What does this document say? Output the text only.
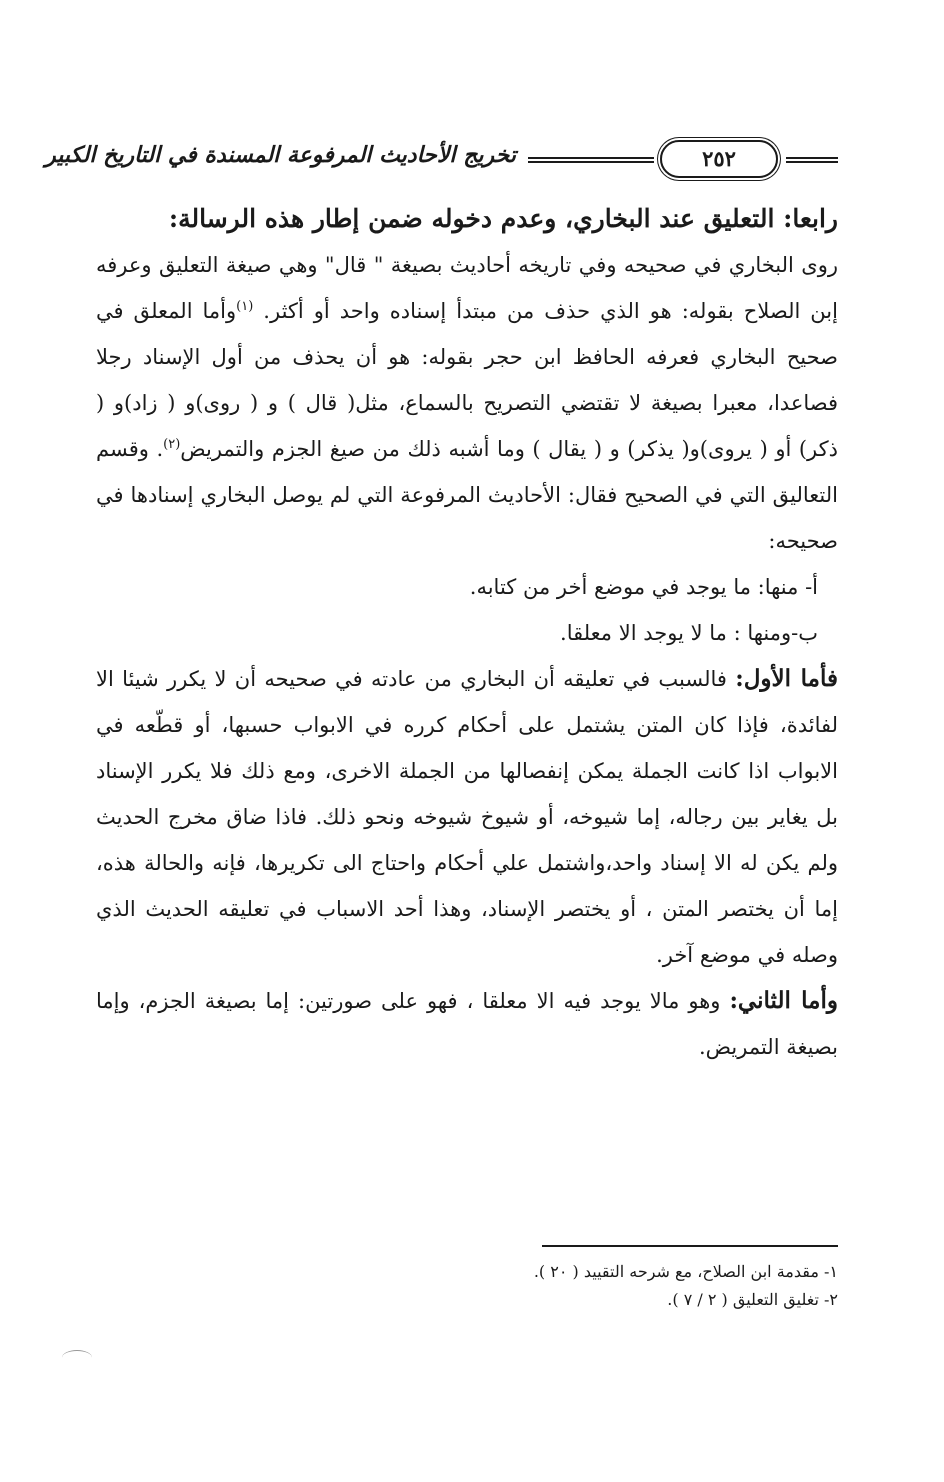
تخريج الأحاديث المرفوعة المسندة في التاريخ الكبير	٢٥٢

رابعا: التعليق عند البخاري، وعدم دخوله ضمن إطار هذه الرسالة:

روى البخاري في صحيحه وفي تاريخه أحاديث بصيغة " قال" وهي صيغة التعليق وعرفه إبن الصلاح بقوله: هو الذي حذف من مبتدأ إسناده واحد أو أكثر. $^{(١)}$وأما المعلق في صحيح البخاري فعرفه الحافظ ابن حجر بقوله: هو أن يحذف من أول الإسناد رجلا فصاعدا، معبرا بصيغة لا تقتضي التصريح بالسماع، مثل( قال ) و ( روى)و ( زاد)و ( ذكر) أو ( يروى)و( يذكر) و ( يقال ) وما أشبه ذلك من صيغ الجزم والتمريض$^{(٢)}$. وقسم التعاليق التي في الصحيح فقال: الأحاديث المرفوعة التي لم يوصل البخاري إسنادها في صحيحه:

أ- منها: ما يوجد في موضع أخر من كتابه.

ب-ومنها : ما لا يوجد الا معلقا.

فأما الأول: فالسبب في تعليقه أن البخاري من عادته في صحيحه أن لا يكرر شيئا الا لفائدة، فإذا كان المتن يشتمل على أحكام كرره في الابواب حسبها، أو قطّعه في الابواب اذا كانت الجملة يمكن إنفصالها من الجملة الاخرى، ومع ذلك فلا يكرر الإسناد بل يغاير بين رجاله، إما شيوخه، أو شيوخ شيوخه ونحو ذلك. فاذا ضاق مخرج الحديث ولم يكن له الا إسناد واحد،واشتمل علي أحكام واحتاج الى تكريرها، فإنه والحالة هذه، إما أن يختصر المتن ، أو يختصر الإسناد، وهذا أحد الاسباب في تعليقه الحديث الذي وصله في موضع آخر.

وأما الثاني: وهو مالا يوجد فيه الا معلقا ، فهو على صورتين: إما بصيغة الجزم، وإما بصيغة التمريض.

١- مقدمة ابن الصلاح، مع شرحه التقييد ( ٢٠ ).

٢- تغليق التعليق ( ٢ / ٧ ).
